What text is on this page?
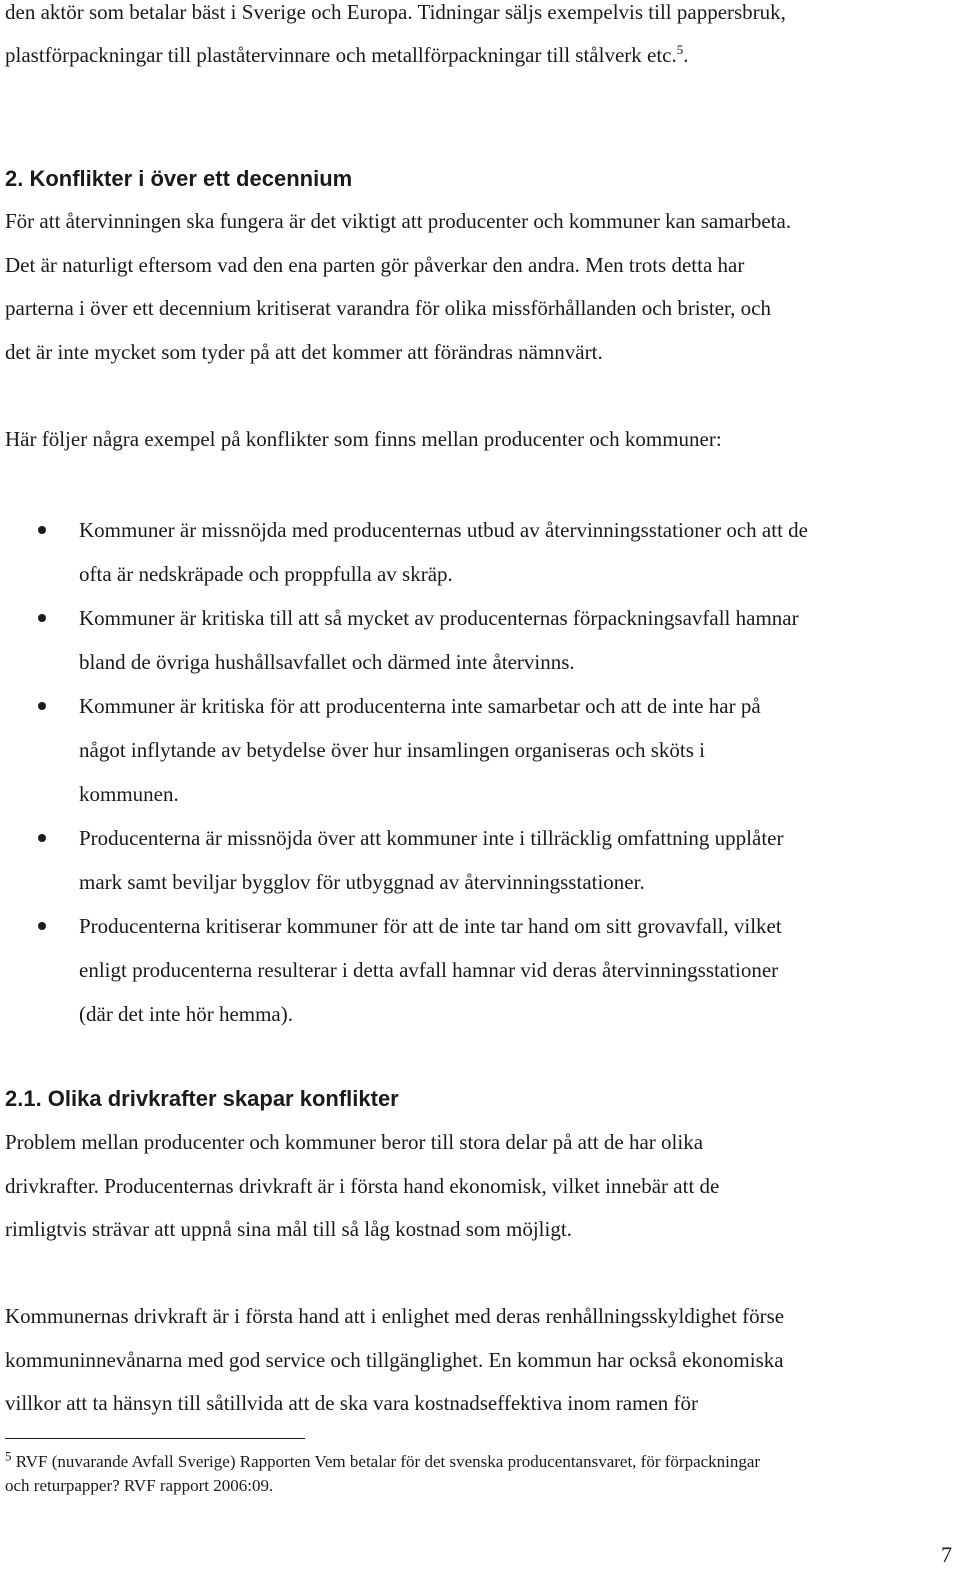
den aktör som betalar bäst i Sverige och Europa. Tidningar säljs exempelvis till pappersbruk,

plastförpackningar till plaståtervinnare och metallförpackningar till stålverk etc.$^5$.

2. Konflikter i över ett decennium
För att återvinningen ska fungera är det viktigt att producenter och kommuner kan samarbeta.
Det är naturligt eftersom vad den ena parten gör påverkar den andra. Men trots detta har
parterna i över ett decennium kritiserat varandra för olika missförhållanden och brister, och
det är inte mycket som tyder på att det kommer att förändras nämnvärt.
Här följer några exempel på konflikter som finns mellan producenter och kommuner:
Kommuner är missnöjda med producenternas utbud av återvinningsstationer och att de
ofta är nedskräpade och proppfulla av skräp.
Kommuner är kritiska till att så mycket av producenternas förpackningsavfall hamnar
bland de övriga hushållsavfallet och därmed inte återvinns.
Kommuner är kritiska för att producenterna inte samarbetar och att de inte har på
något inflytande av betydelse över hur insamlingen organiseras och sköts i
kommunen.
Producenterna är missnöjda över att kommuner inte i tillräcklig omfattning upplåter
mark samt beviljar bygglov för utbyggnad av återvinningsstationer.
Producenterna kritiserar kommuner för att de inte tar hand om sitt grovavfall, vilket
enligt producenterna resulterar i detta avfall hamnar vid deras återvinningsstationer
(där det inte hör hemma).
2.1. Olika drivkrafter skapar konflikter
Problem mellan producenter och kommuner beror till stora delar på att de har olika
drivkrafter. Producenternas drivkraft är i första hand ekonomisk, vilket innebär att de
rimligtvis strävar att uppnå sina mål till så låg kostnad som möjligt.
Kommunernas drivkraft är i första hand att i enlighet med deras renhållningsskyldighet förse
kommuninnevånarna med god service och tillgänglighet. En kommun har också ekonomiska
villkor att ta hänsyn till såtillvida att de ska vara kostnadseffektiva inom ramen för
$^5$ RVF (nuvarande Avfall Sverige) Rapporten Vem betalar för det svenska producentansvaret, för förpackningar
och returpapper? RVF rapport 2006:09.
7
